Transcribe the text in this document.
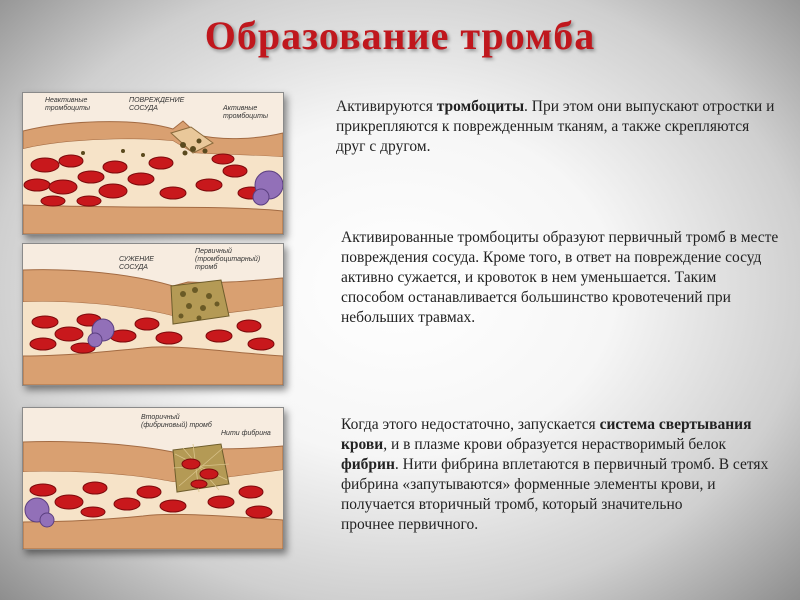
Образование тромба
Неактивные тромбоциты
ПОВРЕЖДЕНИЕ СОСУДА	Активные тромбоциты
СУЖЕНИЕ СОСУДА
Первичный (тромбоцитарный) тромб
Вторичный (фибриновый) тромб
Нити фибрина
Активируются тромбоциты. При этом они выпускают отростки и прикрепляются к поврежденным тканям, а также скрепляются друг с другом.
Активированные тромбоциты образуют первичный тромб в месте повреждения сосуда. Кроме того, в ответ на повреждение сосуд активно сужается, и кровоток в нем уменьшается. Таким способом останавливается большинство кровотечений при небольших травмах.
Когда этого недостаточно, запускается система свертывания крови, и в плазме крови образуется нерастворимый белок фибрин. Нити фибрина вплетаются в первичный тромб. В сетях фибрина «запутываются» форменные элементы крови, и получается вторичный тромб, который значительно
прочнее первичного.
